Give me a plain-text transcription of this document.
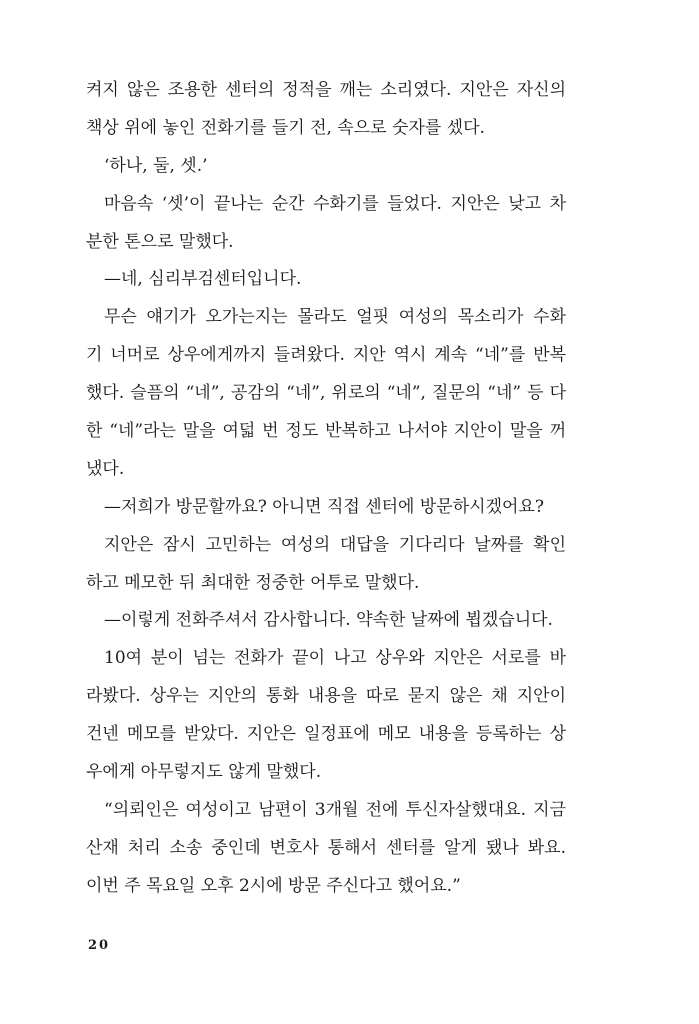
켜지 않은 조용한 센터의 정적을 깨는 소리였다. 지안은 자신의
책상 위에 놓인 전화기를 들기 전, 속으로 숫자를 셌다.
‘하나, 둘, 셋.’
마음속 ‘셋’이 끝나는 순간 수화기를 들었다. 지안은 낮고 차
분한 톤으로 말했다.
—네, 심리부검센터입니다.
무슨 얘기가 오가는지는 몰라도 얼핏 여성의 목소리가 수화
기 너머로 상우에게까지 들려왔다. 지안 역시 계속 “네”를 반복
했다. 슬픔의 “네”, 공감의 “네”, 위로의 “네”, 질문의 “네” 등 다
한 “네”라는 말을 여덟 번 정도 반복하고 나서야 지안이 말을 꺼
냈다.
—저희가 방문할까요? 아니면 직접 센터에 방문하시겠어요?
지안은 잠시 고민하는 여성의 대답을 기다리다 날짜를 확인
하고 메모한 뒤 최대한 정중한 어투로 말했다.
—이렇게 전화주셔서 감사합니다. 약속한 날짜에 뵙겠습니다.
10여 분이 넘는 전화가 끝이 나고 상우와 지안은 서로를 바
라봤다. 상우는 지안의 통화 내용을 따로 묻지 않은 채 지안이
건넨 메모를 받았다. 지안은 일정표에 메모 내용을 등록하는 상
우에게 아무렇지도 않게 말했다.
“의뢰인은 여성이고 남편이 3개월 전에 투신자살했대요. 지금
산재 처리 소송 중인데 변호사 통해서 센터를 알게 됐나 봐요.
이번 주 목요일 오후 2시에 방문 주신다고 했어요.”
20
